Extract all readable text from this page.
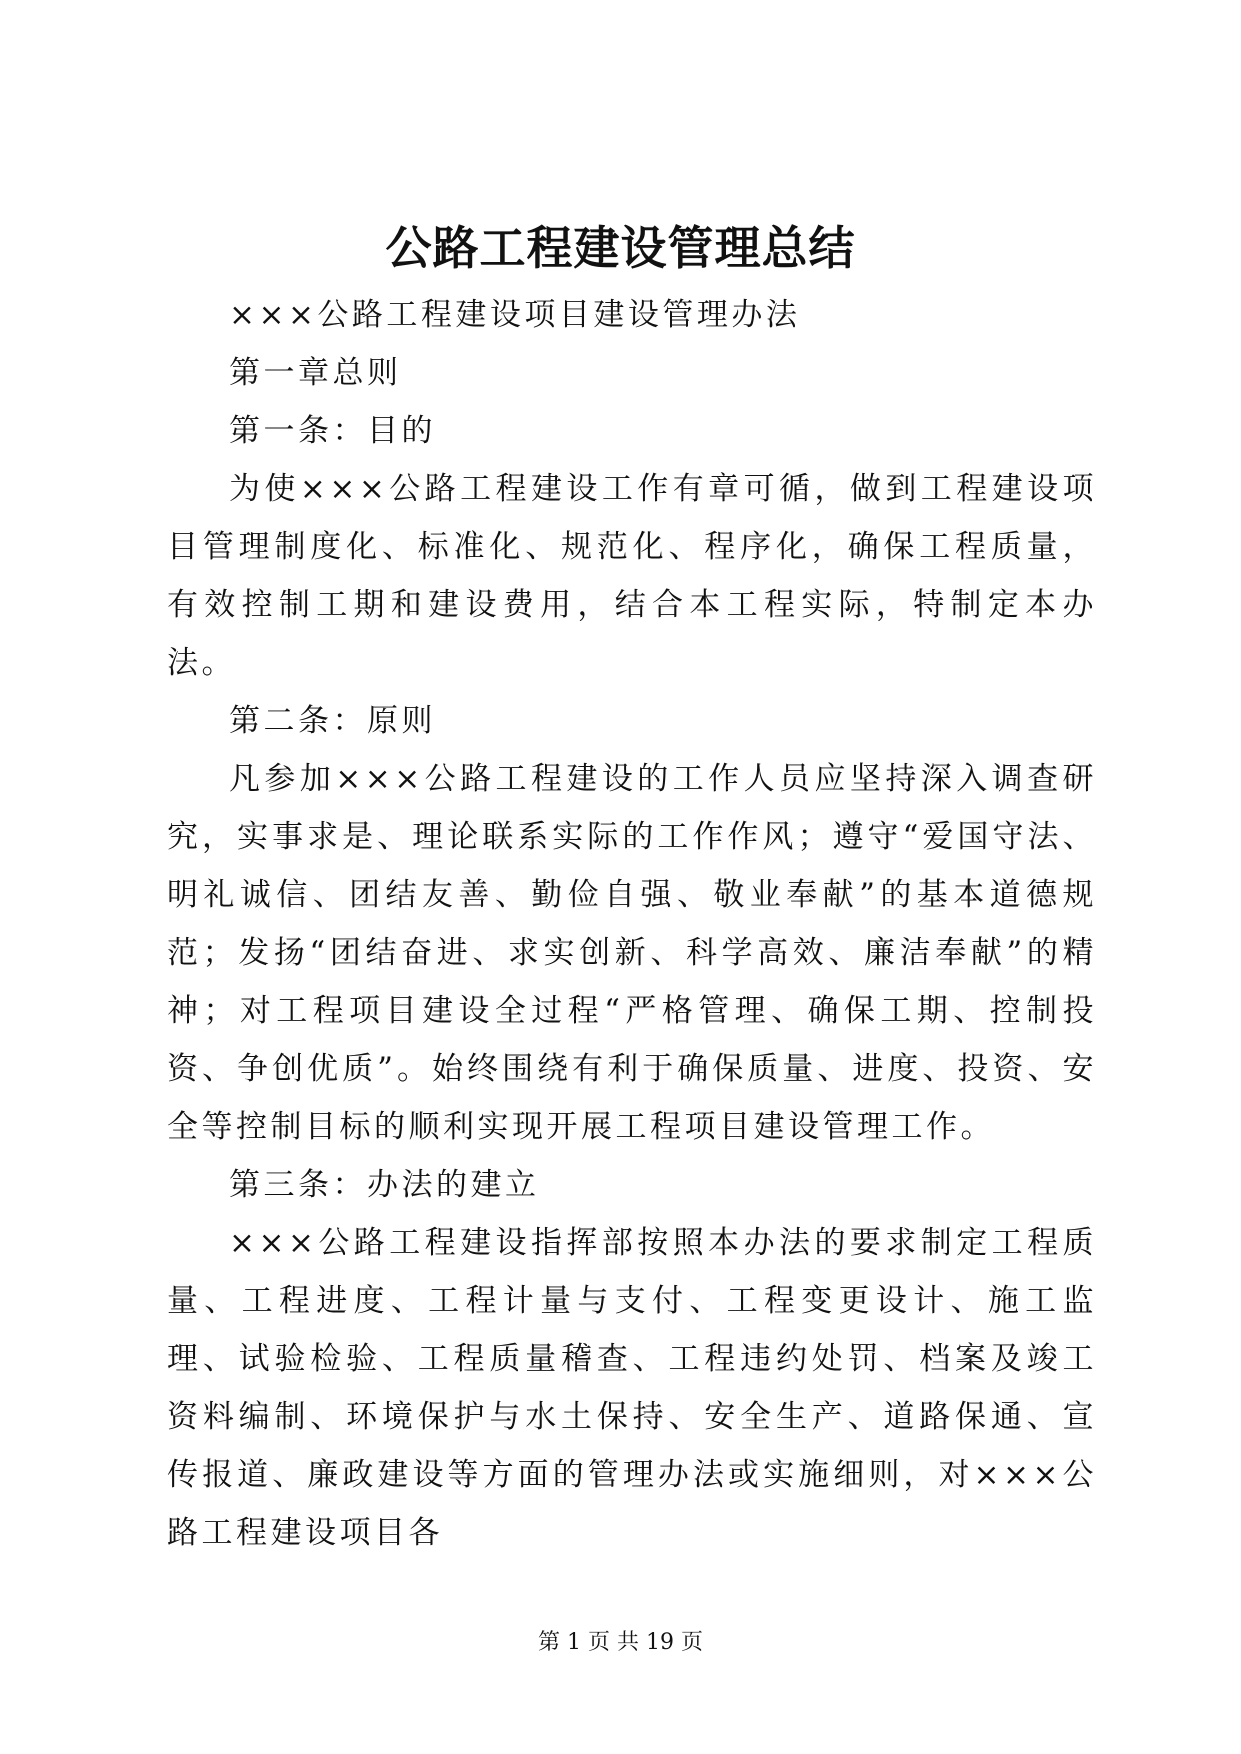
公路工程建设管理总结

×××公路工程建设项目建设管理办法

第一章总则

第一条：目的

为使×××公路工程建设工作有章可循，做到工程建设项目管理制度化、标准化、规范化、程序化，确保工程质量，有效控制工期和建设费用，结合本工程实际，特制定本办法。

第二条：原则

凡参加×××公路工程建设的工作人员应坚持深入调查研究，实事求是、理论联系实际的工作作风；遵守“爱国守法、明礼诚信、团结友善、勤俭自强、敬业奉献”的基本道德规范；发扬“团结奋进、求实创新、科学高效、廉洁奉献”的精神；对工程项目建设全过程“严格管理、确保工期、控制投资、争创优质”。始终围绕有利于确保质量、进度、投资、安全等控制目标的顺利实现开展工程项目建设管理工作。

第三条：办法的建立

×××公路工程建设指挥部按照本办法的要求制定工程质量、工程进度、工程计量与支付、工程变更设计、施工监理、试验检验、工程质量稽查、工程违约处罚、档案及竣工资料编制、环境保护与水土保持、安全生产、道路保通、宣传报道、廉政建设等方面的管理办法或实施细则，对×××公路工程建设项目各

第 1 页 共 19 页
